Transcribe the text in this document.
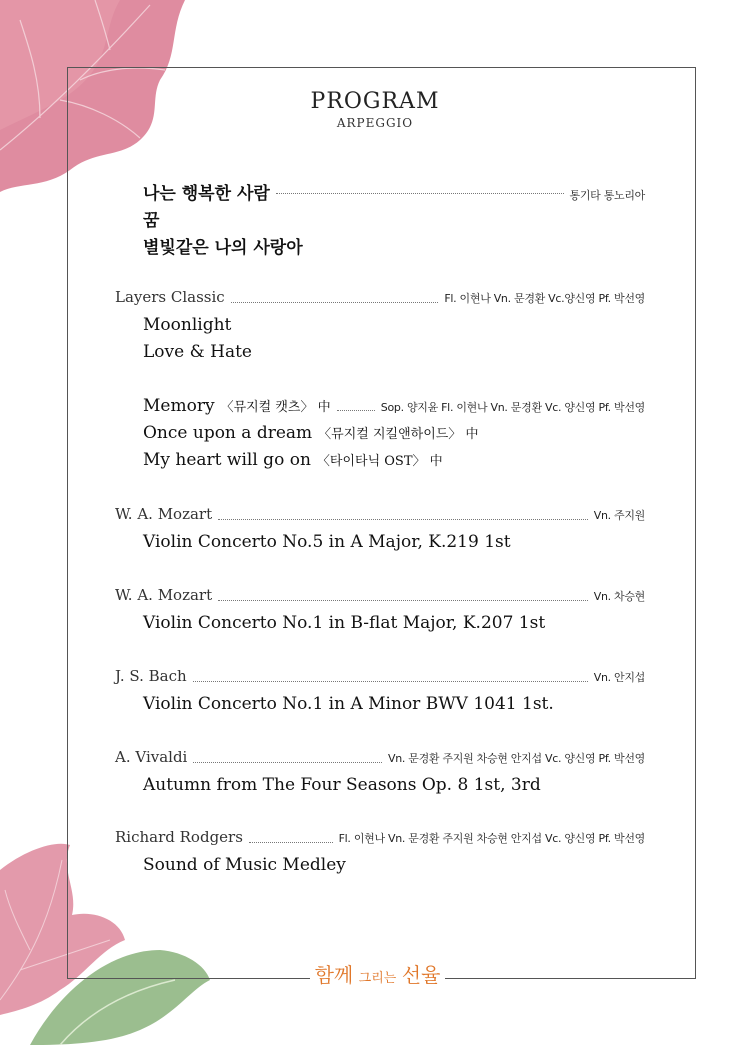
PROGRAM
ARPEGGIO
나는 행복한 사람	통기타 통노리아
꿈
별빛같은 나의 사랑아
Layers Classic	Fl. 이현나 Vn. 문경환 Vc.양신영 Pf. 박선영
Moonlight
Love & Hate
Memory 〈뮤지컬 캣츠〉 中	Sop. 양지윤 Fl. 이현나 Vn. 문경환 Vc. 양신영 Pf. 박선영
Once upon a dream 〈뮤지컬 지킬앤하이드〉 中
My heart will go on 〈타이타닉 OST〉 中
W. A. Mozart	Vn. 주지원
Violin Concerto No.5 in A Major, K.219 1st
W. A. Mozart	Vn. 차승현
Violin Concerto No.1 in B-flat Major, K.207 1st
J. S. Bach	Vn. 안지섭
Violin Concerto No.1 in A Minor BWV 1041 1st.
A. Vivaldi	Vn. 문경환 주지원 차승현 안지섭 Vc. 양신영 Pf. 박선영
Autumn from The Four Seasons Op. 8 1st, 3rd
Richard Rodgers	Fl. 이현나 Vn. 문경환 주지원 차승현 안지섭 Vc. 양신영 Pf. 박선영
Sound of Music Medley
함께 그리는 선율
